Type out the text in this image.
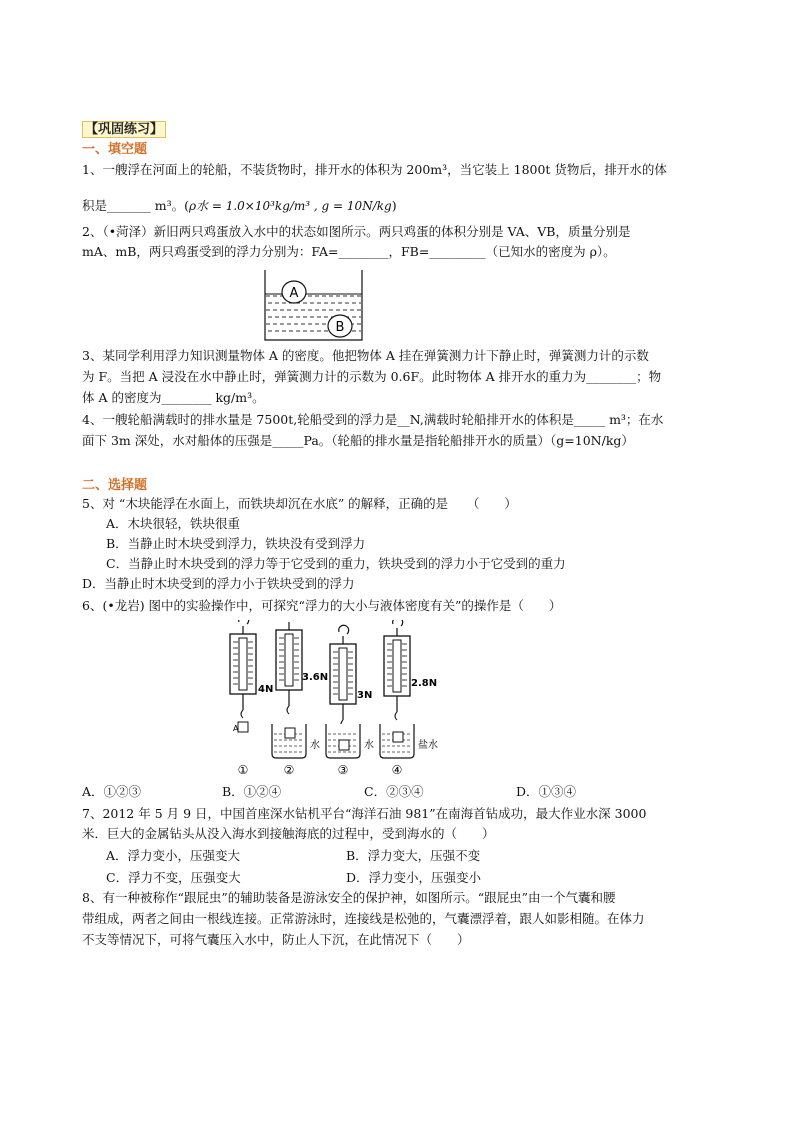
【巩固练习】
一、填空题
1、一艘浮在河面上的轮船，不装货物时，排开水的体积为 200m³，当它装上 1800t 货物后，排开水的体
积是_______ m³。(ρ水 = 1.0×10³kg/m³ , g = 10N/kg)
2、（•菏泽）新旧两只鸡蛋放入水中的状态如图所示。两只鸡蛋的体积分别是 VA、VB，质量分别是
mA、mB，两只鸡蛋受到的浮力分别为：FA=________，FB=_________（已知水的密度为 ρ）。
A
B
3、某同学利用浮力知识测量物体 A 的密度。他把物体 A 挂在弹簧测力计下静止时，弹簧测力计的示数
为 F。当把 A 浸没在水中静止时，弹簧测力计的示数为 0.6F。此时物体 A 排开水的重力为________；物
体 A 的密度为________ kg/m³。
4、一艘轮船满载时的排水量是 7500t,轮船受到的浮力是__N,满载时轮船排开水的体积是_____ m³；在水
面下 3m 深处，水对船体的压强是_____Pa。（轮船的排水量是指轮船排开水的质量）（g=10N/kg）
二、选择题
5、对 “木块能浮在水面上，而铁块却沉在水底” 的解释，正确的是　　（　　）
A．木块很轻，铁块很重
B．当静止时木块受到浮力，铁块没有受到浮力
C．当静止时木块受到的浮力等于它受到的重力，铁块受到的浮力小于它受到的重力
D．当静止时木块受到的浮力小于铁块受到的浮力
6、(•龙岩) 图中的实验操作中，可探究“浮力的大小与液体密度有关”的操作是（　　）
A
4N
3.6N
水
3N
水
2.8N
盐水
①	②	③	④
A．①②③	B．①②④	C．②③④	D．①③④
7、2012 年 5 月 9 日，中国首座深水钻机平台“海洋石油 981”在南海首钻成功，最大作业水深 3000
米．巨大的金属钻头从没入海水到接触海底的过程中，受到海水的（　　）
A．浮力变小，压强变大	B．浮力变大，压强不变
C．浮力不变，压强变大	D．浮力变小，压强变小
8、有一种被称作“跟屁虫”的辅助装备是游泳安全的保护神，如图所示。“跟屁虫”由一个气囊和腰
带组成，两者之间由一根线连接。正常游泳时，连接线是松弛的，气囊漂浮着，跟人如影相随。在体力
不支等情况下，可将气囊压入水中，防止人下沉，在此情况下（　　）
